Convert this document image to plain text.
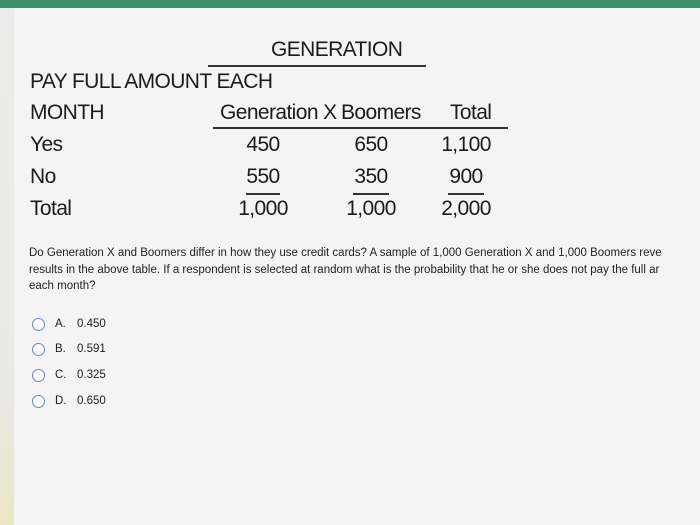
GENERATION
PAY FULL AMOUNT EACH
MONTH	Generation X Boomers Total
Yes
No
Total
450
550
1,000
650
350
1,000
1,100
900
2,000
Do Generation X and Boomers differ in how they use credit cards? A sample of 1,000 Generation X and 1,000 Boomers reve
results in the above table. If a respondent is selected at random what is the probability that he or she does not pay the full ar
each month?
A. 0.450
B. 0.591
C. 0.325
D. 0.650
